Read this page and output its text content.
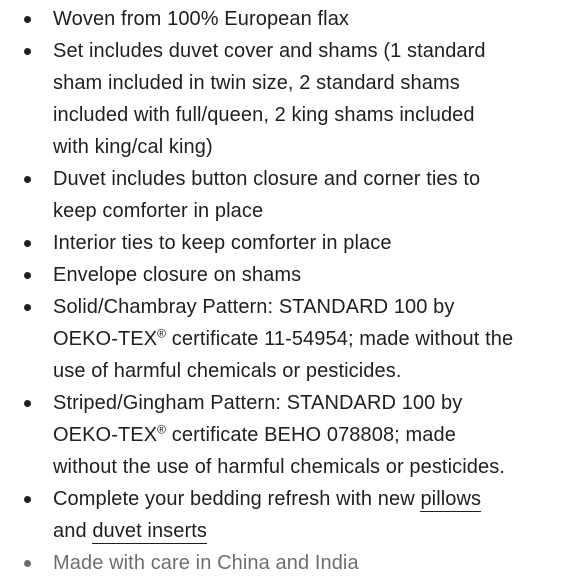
Woven from 100% European flax
Set includes duvet cover and shams (1 standard
sham included in twin size, 2 standard shams
included with full/queen, 2 king shams included
with king/cal king)
Duvet includes button closure and corner ties to
keep comforter in place
Interior ties to keep comforter in place
Envelope closure on shams
Solid/Chambray Pattern: STANDARD 100 by
OEKO-TEX® certificate 11-54954; made without the
use of harmful chemicals or pesticides.
Striped/Gingham Pattern: STANDARD 100 by
OEKO-TEX® certificate BEHO 078808; made
without the use of harmful chemicals or pesticides.
Complete your bedding refresh with new pillows
and duvet inserts
Made with care in China and India
